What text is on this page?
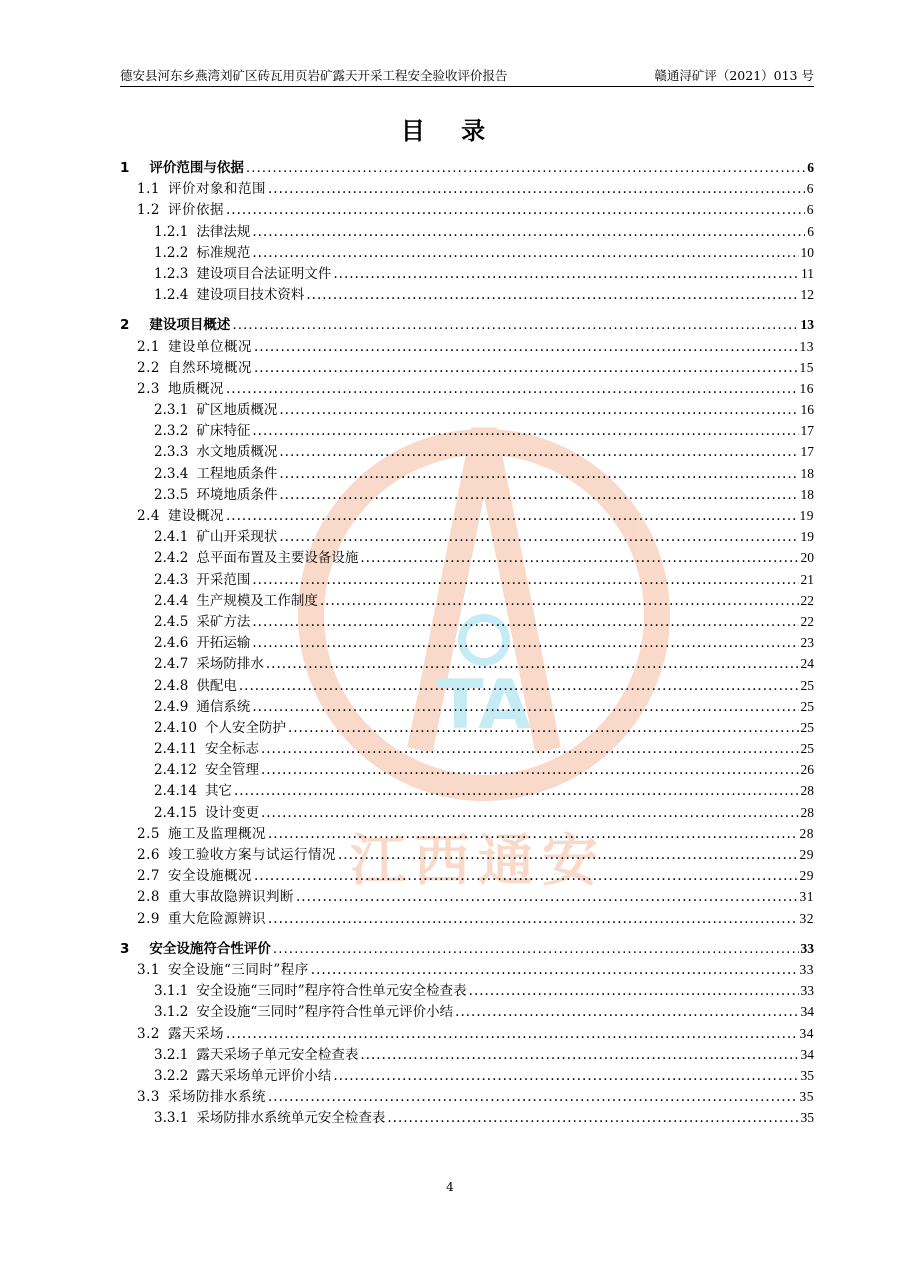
TA
江西通安
德安县河东乡燕湾刘矿区砖瓦用页岩矿露天开采工程安全验收评价报告	赣通浔矿评（2021）013 号
目 录
1 评价范围与依据 .....	6
1.1 评价对象和范围 .....	6
1.2 评价依据 .....	6
1.2.1 法律法规 .....	6
1.2.2 标准规范 .....	10
1.2.3 建设项目合法证明文件 .....	11
1.2.4 建设项目技术资料 .....	12
2 建设项目概述 .....	13
2.1 建设单位概况 .....	13
2.2 自然环境概况 .....	15
2.3 地质概况 .....	16
2.3.1 矿区地质概况 .....	16
2.3.2 矿床特征 .....	17
2.3.3 水文地质概况 .....	17
2.3.4 工程地质条件 .....	18
2.3.5 环境地质条件 .....	18
2.4 建设概况 .....	19
2.4.1 矿山开采现状 .....	19
2.4.2 总平面布置及主要设备设施 .....	20
2.4.3 开采范围 .....	21
2.4.4 生产规模及工作制度 .....	22
2.4.5 采矿方法 .....	22
2.4.6 开拓运输 .....	23
2.4.7 采场防排水 .....	24
2.4.8 供配电 .....	25
2.4.9 通信系统 .....	25
2.4.10 个人安全防护 .....	25
2.4.11 安全标志 .....	25
2.4.12 安全管理 .....	26
2.4.14 其它 .....	28
2.4.15 设计变更 .....	28
2.5 施工及监理概况 .....	28
2.6 竣工验收方案与试运行情况 .....	29
2.7 安全设施概况 .....	29
2.8 重大事故隐辨识判断 .....	31
2.9 重大危险源辨识 .....	32
3 安全设施符合性评价 .....	33
3.1 安全设施“三同时”程序 .....	33
3.1.1 安全设施“三同时”程序符合性单元安全检查表 .....	33
3.1.2 安全设施“三同时”程序符合性单元评价小结 .....	34
3.2 露天采场 .....	34
3.2.1 露天采场子单元安全检查表 .....	34
3.2.2 露天采场单元评价小结 .....	35
3.3 采场防排水系统 .....	35
3.3.1 采场防排水系统单元安全检查表 .....	35
4
